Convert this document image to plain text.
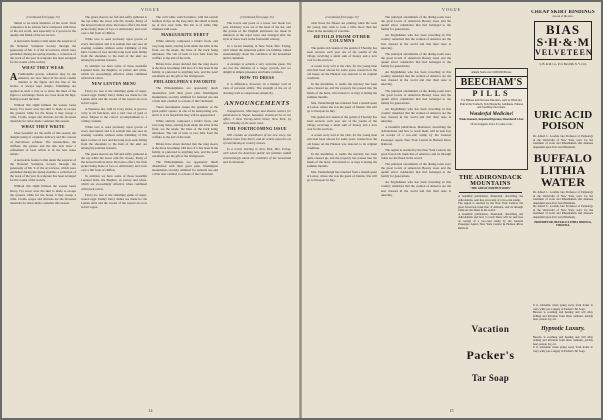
VOGUE

(Continued from page 13)

mitted to be made imitative of the work. Such competitor is no serious force compared with those of the old world, and especially is it proven in the quality and finish of the tea service.

A noticeable feature is that under the auspices of the National Sculpture Society through the generosity of Mr. T. of the art reviews, which were published during the spring months, a collection of the work of the year in sculpture has been arranged for the rooms of the society.

WHAT THEY WEAR

A Fashionable gowns, whatever may be the material, are now fitted in the most careful manner to the figure and the line of the bodice is always kept simple. Trimmings are applied in such a way as to show the lines of the figure to advantage. Skirts are close about the hips, flaring toward the hem.

Without this slight fullness the wearer looks heavy. For street wear the skirt is made to escape the ground, while for the house it may sweep a trifle. Cloths, serges and cheviots are the favoured materials for tailor-made costumes this season.

WHAT THEY WRITE

Most beautiful are the stuffs of this season, the designs being of exquisite delicacy and the colours of marvellous softness. The mousselines, the chiffons, the gauzes and the silk nets show a refinement of taste which is in the best sense artistic.

A noticeable feature is that under the auspices of the National Sculpture Society through the generosity of Mr. T. of the art reviews, which were published during the spring months, a collection of the work of the year in sculpture has been arranged for the rooms of the society.

Without this slight fullness the wearer looks heavy. For street wear the skirt is made to escape the ground, while for the house it may sweep a trifle. Cloths, serges and cheviots are the favoured materials for tailor-made costumes this season.

The gauze sleeves are full and softly gathered at the top while the lower arm fits closely. Many of the newest bodices show the bolero effect, the little jacket being made of lace or embroidery and worn over a full front of chiffon.

White lace is used profusely upon gowns of every description and it is seldom that one sees an evening costume without some trimming of this kind. Collars of lace and the long stole ends falling from the shoulders to the hem of the skirt are among the prettiest features.

In addition we have some of those beautiful Lapland bolts, the Baglirio, in yellow and white, which are exceedingly effective when combined with black velvet.

NEW LENTEN MENU

Fancy-ice lore is the charming game of sugar-coated eggs. Dainty fancy dishes are made for the Lenten table and the sweets of the season are now in full vogue.

A Viennese fan, with its ivory sticks, is good to carry at all functions, and a card case of gold or silver filigree is the correct accompaniment to a calling costume.

White lace is used profusely upon gowns of every description and it is seldom that one sees an evening costume without some trimming of this kind. Collars of lace and the long stole ends falling from the shoulders to the hem of the skirt are among the prettiest features.

The gauze sleeves are full and softly gathered at the top while the lower arm fits closely. Many of the newest bodices show the bolero effect, the little jacket being made of lace or embroidery and worn over a full front of chiffon.

In addition we have some of those beautiful Lapland bolts, the Baglirio, in yellow and white, which are exceedingly effective when combined with black velvet.

Fancy-ice lore is the charming game of sugar-coated eggs. Dainty fancy dishes are made for the Lenten table and the sweets of the season are now in full vogue.

The cold white ostrich plumes, with the ostrich feathers in tips on the long skirt, the shield is made up of lace over satin. The hat is of white chip trimmed with roses.

MARGUERITE DEBUT

White entirely composed a bride's frock, and very long trains, starting from under the arms in the front, are the mode, the lines of the back being unbroken. The veil of tulle or lace falls from the coiffure to the end of the train.

Brides have about decided that the long sleeve is the more becoming. Old lace, if it has been in the family, is preferred to anything new, and the pearl ornaments are the gift of the bridegroom.

PHILADELPHIA'S FAVORITE

The Philadelphians are apparently much dissatisfied with their great plan, Washington monuments, recently admitted for national use and a little later enabled to a mode of the Cincinnati.

These monuments ensure the grandeur of the great public square, in one of its enterprising acts, and it is to be hoped that they will be appreciated.

White entirely composed a bride's frock, and very long trains, starting from under the arms in the front, are the mode, the lines of the back being unbroken. The veil of tulle or lace falls from the coiffure to the end of the train.

Brides have about decided that the long sleeve is the more becoming. Old lace, if it has been in the family, is preferred to anything new, and the pearl ornaments are the gift of the bridegroom.

The Philadelphians are apparently much dissatisfied with their great plan, Washington monuments, recently admitted for national use and a little later enabled to a mode of the Cincinnati.

(Continued from page 13)

The lovers and poets at a lower rate made two pets. Ordinary ware are at the head of the list, and the gowns of the English princesses are made in imitation of the regal robes and arranged after the style of dress worn in the fourteenth century.

In a recent meeting in New York, Mrs. Ewing, with whom the American public are familiar, talked entertainingly about the condition of the household and its demands.

A stranger is seldom a very welcome guest. We are but the children of a larger growth, and we delight in simple pleasures and home comforts.

HOW TO DRESS

It is difference, however, in a manner well in view of personal ability. The strength of the art of dressing well is conspicuous simplicity.

ANNOUNCEMENTS

Engagements, Marriages and Deaths notices for publication in Vogue, Saturday, should arrive at the office, 3 West Twenty-ninth Street, New York, by noon Monday of the same week.

THE FORTHCOMING ISSUE

Will contain an installment of the new story, the fashion notes from Paris, and an article upon the art of entertaining at country houses.

In a recent meeting in New York, Mrs. Ewing, with whom the American public are familiar, talked entertainingly about the condition of the household and its demands.

14
VOGUE

(Continued from page 13)

what those the Heater are printing when the wear the young who wish to look a trifle more than her smart in the morning of Caroline.

RETOLD FROM OTHER COLUMNS

The quaint old custom of the parish of Thornby has been revived, each year one of the youths of the village receiving a small sum of money and a new coat for his services.

A recent story told at the club, for the young man who had been abroad for some years, relates how the old house on the Hudson was restored to its original condition.

In the meantime, it seems the mystery has been quite cleared up, and the property has passed into the hands of the heirs, who intend to occupy it during the summer months.

Mrs. Vanderburgh has returned from a month spent at Lenox, where she was the guest of friends. She will go to Newport in July.

The quaint old custom of the parish of Thornby has been revived, each year one of the youths of the village receiving a small sum of money and a new coat for his services.

A recent story told at the club, for the young man who had been abroad for some years, relates how the old house on the Hudson was restored to its original condition.

In the meantime, it seems the mystery has been quite cleared up, and the property has passed into the hands of the heirs, who intend to occupy it during the summer months.

Mrs. Vanderburgh has returned from a month spent at Lenox, where she was the guest of friends. She will go to Newport in July.

The principal adornments of the dining-room were the great bowls of American Beauty roses and the quaint silver candelabra that had belonged to the family for generations.

An Englishman who has been travelling in this country remarked that the women of America are the best dressed in the world and that their taste is unerring.

The principal adornments of the dining-room were the great bowls of American Beauty roses and the quaint silver candelabra that had belonged to the family for generations.

An Englishman who has been travelling in this country remarked that the women of America are the best dressed in the world and that their taste is unerring.

The principal adornments of the dining-room were the great bowls of American Beauty roses and the quaint silver candelabra that had belonged to the family for generations.

An Englishman who has been travelling in this country remarked that the women of America are the best dressed in the world and that their taste is unerring.

A beautiful publication, illustrated, describing the Adirondacks and how to reach them, will be sent free on receipt of a two-cent stamp by the General Passenger Agent, New York Central & Hudson River Railroad.

The region is reached by the New York Central, the great four-track trunk line of America, and its through trains are the finest in the world.

The principal adornments of the dining-room were the great bowls of American Beauty roses and the quaint silver candelabra that had belonged to the family for generations.

An Englishman who has been travelling in this country remarked that the women of America are the best dressed in the world and that their taste is unerring.

Annual Sales over 6,000,000 Boxes.
BEECHAM'S
PILLS
For Bilious and Nervous Disorders, such as Wind and Pain in the Stomach, Sick Headache, Giddiness, Fulness and Swelling after meals.
Wonderful Medicine!
Weak Stomach, Impaired Digestion, Disordered Liver.
Of all druggists. Price 25 cents a box.
THE ADIRONDACK
MOUNTAINS
"THE GREAT NORTH WOODS"
A beautiful publication, illustrated, describing the Adirondacks, sent free on receipt of a two-cent stamp.
The region is reached by the New York Central, the great four-track trunk line of America, and its through trains are the finest in the world.
A beautiful publication, illustrated, describing the Adirondacks and how to reach them, will be sent free on receipt of a two-cent stamp by the General Passenger Agent, New York Central & Hudson River Railroad.
Vacation
Packer's
Tar Soap
CHEAP SKIRT BINDINGS
are out of the race.
BIAS
S·H·&·M
VELVETEEN
S. H. & M. Co., P. O. Box 699, N. Y. City.
URIC ACID
POISON
Dr. Alfred L. Loomis, late Professor of Pathology in the University of New York, says: for the treatment of Gout and Rheumatism and diseases dependent upon Uric Acid Diathesis.
BUFFALO
LITHIA
WATER
Dr. Alfred L. Loomis, late Professor of Pathology in the University of New York, says: for the treatment of Gout and Rheumatism and diseases dependent upon Uric Acid Diathesis.
Dr. Alfred L. Loomis, late Professor of Pathology in the University of New York, says: for the treatment of Gout and Rheumatism and diseases dependent upon Uric Acid Diathesis.
PROPRIETOR, BUFFALO LITHIA SPRINGS, VIRGINIA.
It is advisable when going away from home to carry with you a supply of Packer's Tar Soap.
Beware is soothing and healing and will allay itching and irritation from bites, sunburn, prickly heat, poison ivy, etc.
Hypnotic Luxury.
Beware is soothing and healing and will allay itching and irritation from bites, sunburn, prickly heat, poison ivy, etc.
It is advisable when going away from home to carry with you a supply of Packer's Tar Soap.
15
